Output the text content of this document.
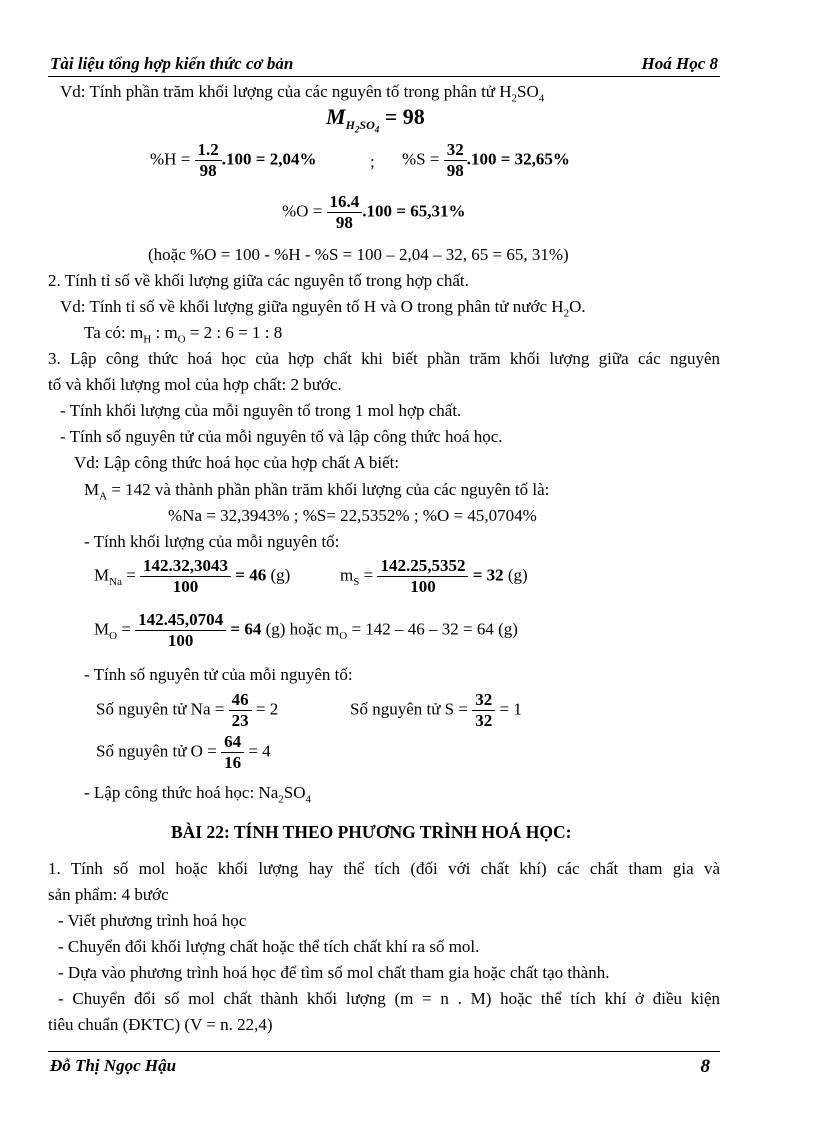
Tài liệu tổng hợp kiến thức cơ bản	Hoá Học 8
Vd: Tính phần trăm khối lượng của các nguyên tố trong phân tử $H_2SO_4$
$M_{H_2SO_4} = 98$
$\%H = \frac{1.2}{98} .100 = 2,04\%$	; $\%S = \frac{32}{98} .100 = 32,65\%$
$\%O = \frac{16.4}{98} .100 = 65,31\%$
(hoặc %O = 100 - %H - %S = 100 – 2,04 – 32, 65 = 65, 31%)
2. Tính tỉ số về khối lượng giữa các nguyên tố trong hợp chất.
Vd: Tính tỉ số về khối lượng giữa nguyên tố H và O trong phân tử nước $H_2O$.
Ta có: $m_H$ : $m_O = 2$ : 6 = 1 : 8
3. Lập công thức hoá học của hợp chất khi biết phần trăm khối lượng giữa các nguyên
tố và khối lượng mol của hợp chất: 2 bước.
- Tính khối lượng của mỗi nguyên tố trong 1 mol hợp chất.
- Tính số nguyên tử của mỗi nguyên tố và lập công thức hoá học.
Vd: Lập công thức hoá học của hợp chất A biết:
$M_A = 142$ và thành phần phần trăm khối lượng của các nguyên tố là:
%Na = 32,3943% ; %S= 22,5352% ; %O = 45,0704%
- Tính khối lượng của mỗi nguyên tố:
$M_{Na} = \frac{142.32,3043}{100} = 46$ (g)	$m_S = \frac{142.25,5352}{100} = 32$ (g)
$M_O = \frac{142.45,0704}{100} = 64$ (g) hoặc $m_O = 142 - 46 - 32 = 64$ (g)
- Tính số nguyên tử của mỗi nguyên tố:
Số nguyên tử $Na = \frac{46}{23} = 2$	Số nguyên tử $S = \frac{32}{32} = 1$
Số nguyên tử $O = \frac{64}{16} = 4$
- Lập công thức hoá học: $Na_2SO_4$
BÀI 22: TÍNH THEO PHƯƠNG TRÌNH HOÁ HỌC:
1. Tính số mol hoặc khối lượng hay thể tích (đối với chất khí) các chất tham gia và
sản phẩm: 4 bước
- Viết phương trình hoá học
- Chuyển đổi khối lượng chất hoặc thể tích chất khí ra số mol.
- Dựa vào phương trình hoá học để tìm số mol chất tham gia hoặc chất tạo thành.
- Chuyển đổi số mol chất thành khối lượng (m = n . M) hoặc thể tích khí ở điều kiện
tiêu chuẩn (ĐKTC) (V = n. 22,4)
Đỗ Thị Ngọc Hậu	8
